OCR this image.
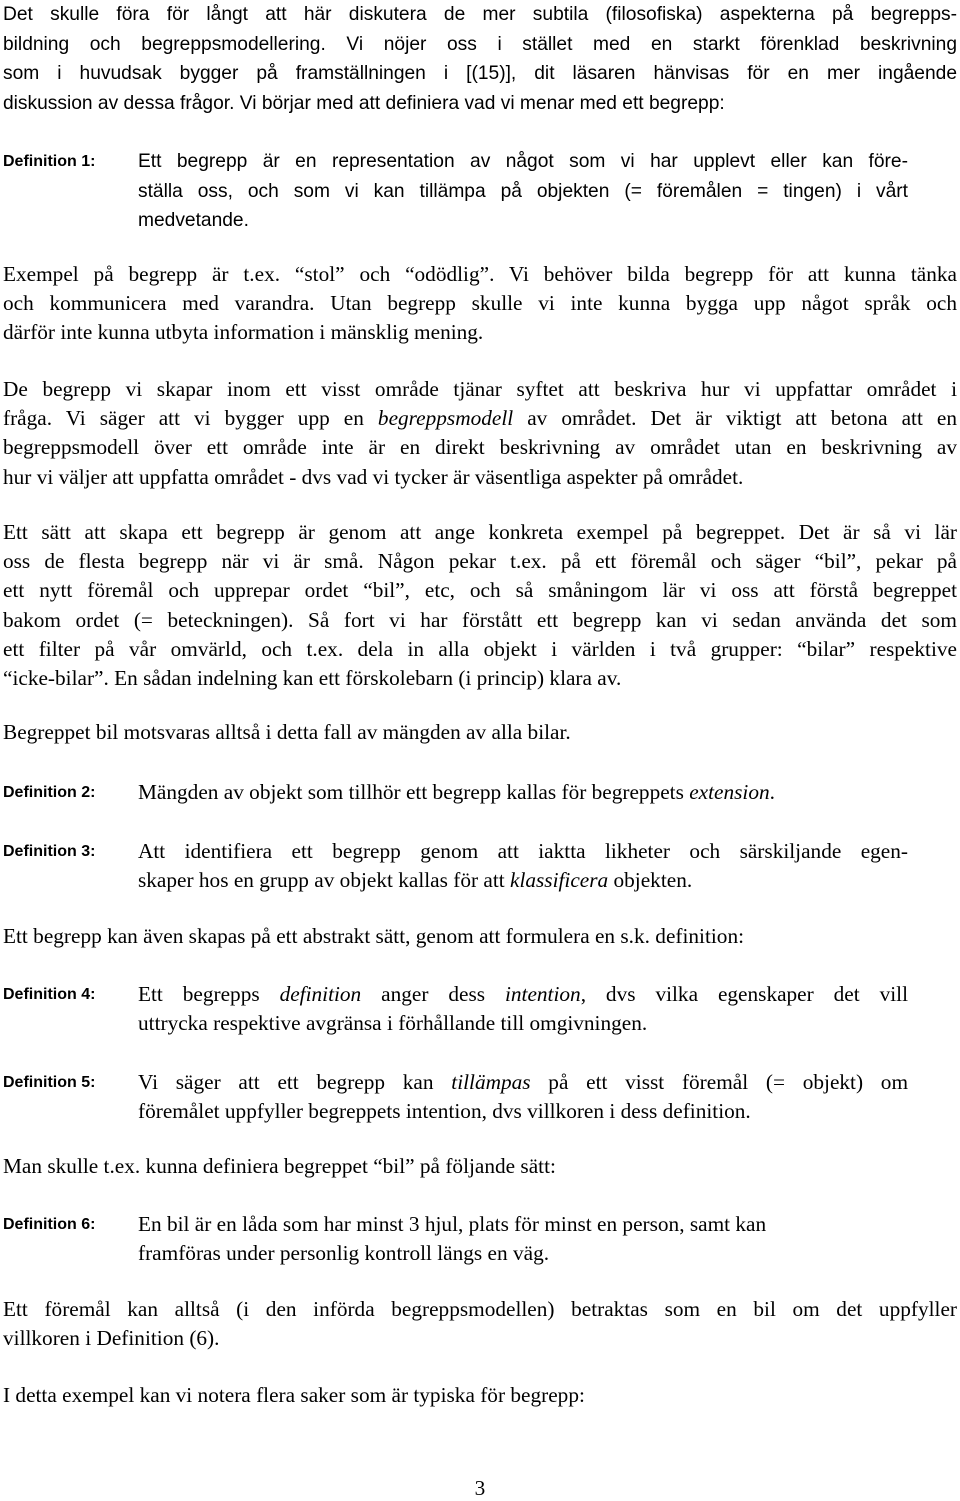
Det skulle föra för långt att här diskutera de mer subtila (filosofiska) aspekterna på begrepps-
bildning och begreppsmodellering. Vi nöjer oss i stället med en starkt förenklad beskrivning
som i huvudsak bygger på framställningen i [(15)], dit läsaren hänvisas för en mer ingående
diskussion av dessa frågor. Vi börjar med att definiera vad vi menar med ett begrepp:
Definition 1: Ett begrepp är en representation av något som vi har upplevt eller kan före-
ställa oss, och som vi kan tillämpa på objekten (= föremålen = tingen) i vårt
medvetande.
Exempel på begrepp är t.ex. “stol” och “odödlig”. Vi behöver bilda begrepp för att kunna tänka
och kommunicera med varandra. Utan begrepp skulle vi inte kunna bygga upp något språk och
därför inte kunna utbyta information i mänsklig mening.
De begrepp vi skapar inom ett visst område tjänar syftet att beskriva hur vi uppfattar området i
fråga. Vi säger att vi bygger upp en begreppsmodell av området. Det är viktigt att betona att en
begreppsmodell över ett område inte är en direkt beskrivning av området utan en beskrivning av
hur vi väljer att uppfatta området - dvs vad vi tycker är väsentliga aspekter på området.
Ett sätt att skapa ett begrepp är genom att ange konkreta exempel på begreppet. Det är så vi lär
oss de flesta begrepp när vi är små. Någon pekar t.ex. på ett föremål och säger “bil”, pekar på
ett nytt föremål och upprepar ordet “bil”, etc, och så småningom lär vi oss att förstå begreppet
bakom ordet (= beteckningen). Så fort vi har förstått ett begrepp kan vi sedan använda det som
ett filter på vår omvärld, och t.ex. dela in alla objekt i världen i två grupper: “bilar” respektive
“icke-bilar”. En sådan indelning kan ett förskolebarn (i princip) klara av.
Begreppet bil motsvaras alltså i detta fall av mängden av alla bilar.
Definition 2: Mängden av objekt som tillhör ett begrepp kallas för begreppets extension.
Definition 3: Att identifiera ett begrepp genom att iaktta likheter och särskiljande egen-
skaper hos en grupp av objekt kallas för att klassificera objekten.
Ett begrepp kan även skapas på ett abstrakt sätt, genom att formulera en s.k. definition:
Definition 4: Ett begrepps definition anger dess intention, dvs vilka egenskaper det vill
uttrycka respektive avgränsa i förhållande till omgivningen.
Definition 5: Vi säger att ett begrepp kan tillämpas på ett visst föremål (= objekt) om
föremålet uppfyller begreppets intention, dvs villkoren i dess definition.
Man skulle t.ex. kunna definiera begreppet “bil” på följande sätt:
Definition 6: En bil är en låda som har minst 3 hjul, plats för minst en person, samt kan
framföras under personlig kontroll längs en väg.
Ett föremål kan alltså (i den införda begreppsmodellen) betraktas som en bil om det uppfyller
villkoren i Definition (6).
I detta exempel kan vi notera flera saker som är typiska för begrepp:
3
